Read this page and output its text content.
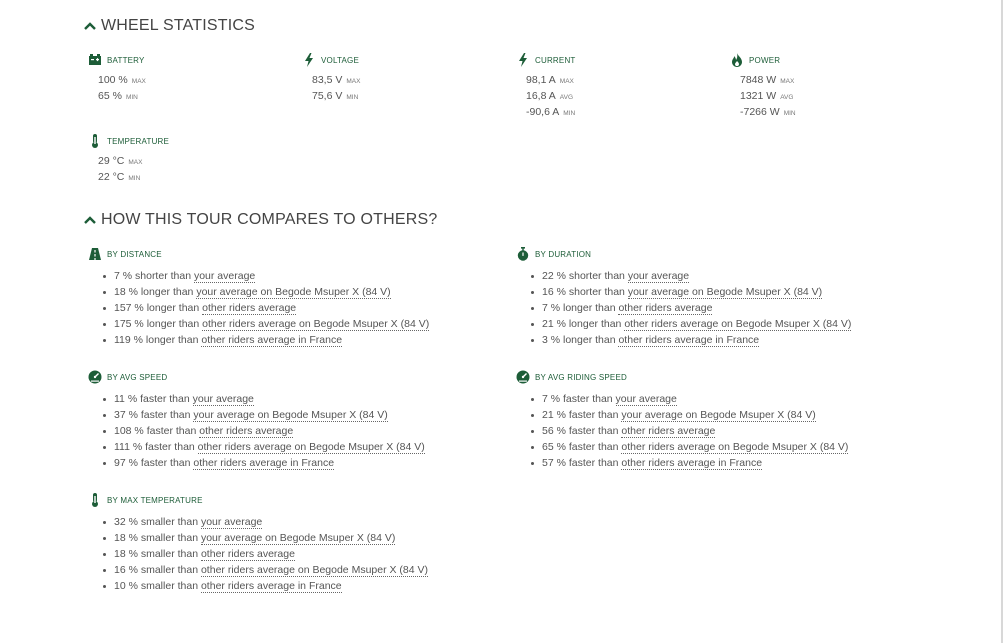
WHEEL STATISTICS
BATTERY
100 % MAX
65 % MIN
VOLTAGE
83,5 V MAX
75,6 V MIN
CURRENT
98,1 A MAX
16,8 A AVG
-90,6 A MIN
POWER
7848 W MAX
1321 W AVG
-7266 W MIN
TEMPERATURE
29 °C MAX
22 °C MIN
HOW THIS TOUR COMPARES TO OTHERS?
BY DISTANCE
7 % shorter than your average
18 % longer than your average on Begode Msuper X (84 V)
157 % longer than other riders average
175 % longer than other riders average on Begode Msuper X (84 V)
119 % longer than other riders average in France
BY DURATION
22 % shorter than your average
16 % shorter than your average on Begode Msuper X (84 V)
7 % longer than other riders average
21 % longer than other riders average on Begode Msuper X (84 V)
3 % longer than other riders average in France
BY AVG SPEED
11 % faster than your average
37 % faster than your average on Begode Msuper X (84 V)
108 % faster than other riders average
111 % faster than other riders average on Begode Msuper X (84 V)
97 % faster than other riders average in France
BY AVG RIDING SPEED
7 % faster than your average
21 % faster than your average on Begode Msuper X (84 V)
56 % faster than other riders average
65 % faster than other riders average on Begode Msuper X (84 V)
57 % faster than other riders average in France
BY MAX TEMPERATURE
32 % smaller than your average
18 % smaller than your average on Begode Msuper X (84 V)
18 % smaller than other riders average
16 % smaller than other riders average on Begode Msuper X (84 V)
10 % smaller than other riders average in France
